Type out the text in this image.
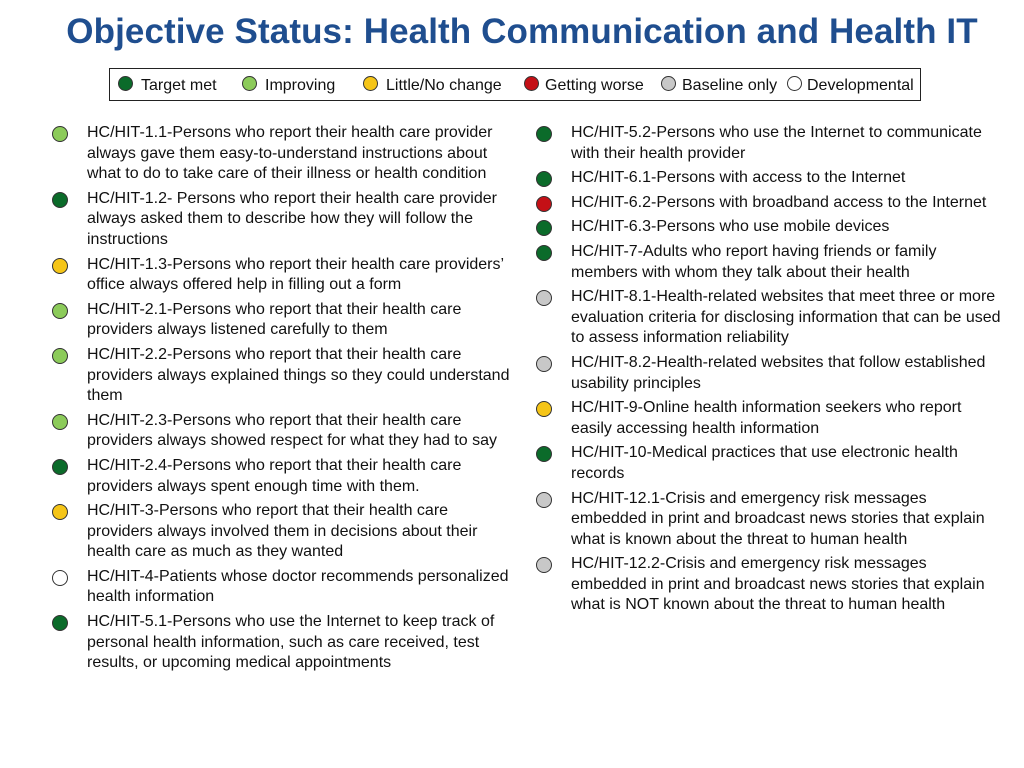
Objective Status: Health Communication and Health IT
Target met	Improving	Little/No change	Getting worse Baseline only Developmental
HC/HIT-1.1-Persons who report their health care provider always gave them easy-to-understand instructions about what to do to take care of their illness or health condition
HC/HIT-1.2- Persons who report their health care provider always asked them to describe how they will follow the instructions
HC/HIT-1.3-Persons who report their health care providers’ office always offered help in filling out a form
HC/HIT-2.1-Persons who report that their health care providers always listened carefully to them
HC/HIT-2.2-Persons who report that their health care providers always explained things so they could understand them
HC/HIT-2.3-Persons who report that their health care providers always showed respect for what they had to say
HC/HIT-2.4-Persons who report that their health care providers always spent enough time with them.
HC/HIT-3-Persons who report that their health care providers always involved them in decisions about their health care as much as they wanted
HC/HIT-4-Patients whose doctor recommends personalized health information
HC/HIT-5.1-Persons who use the Internet to keep track of personal health information, such as care received, test results, or upcoming medical appointments
HC/HIT-5.2-Persons who use the Internet to communicate with their health provider
HC/HIT-6.1-Persons with access to the Internet
HC/HIT-6.2-Persons with broadband access to the Internet
HC/HIT-6.3-Persons who use mobile devices
HC/HIT-7-Adults who report having friends or family members with whom they talk about their health
HC/HIT-8.1-Health-related websites that meet three or more evaluation criteria for disclosing information that can be used to assess information reliability
HC/HIT-8.2-Health-related websites that follow established usability principles
HC/HIT-9-Online health information seekers who report easily accessing health information
HC/HIT-10-Medical practices that use electronic health records
HC/HIT-12.1-Crisis and emergency risk messages embedded in print and broadcast news stories that explain what is known about the threat to human health
HC/HIT-12.2-Crisis and emergency risk messages embedded in print and broadcast news stories that explain what is NOT known about the threat to human health
